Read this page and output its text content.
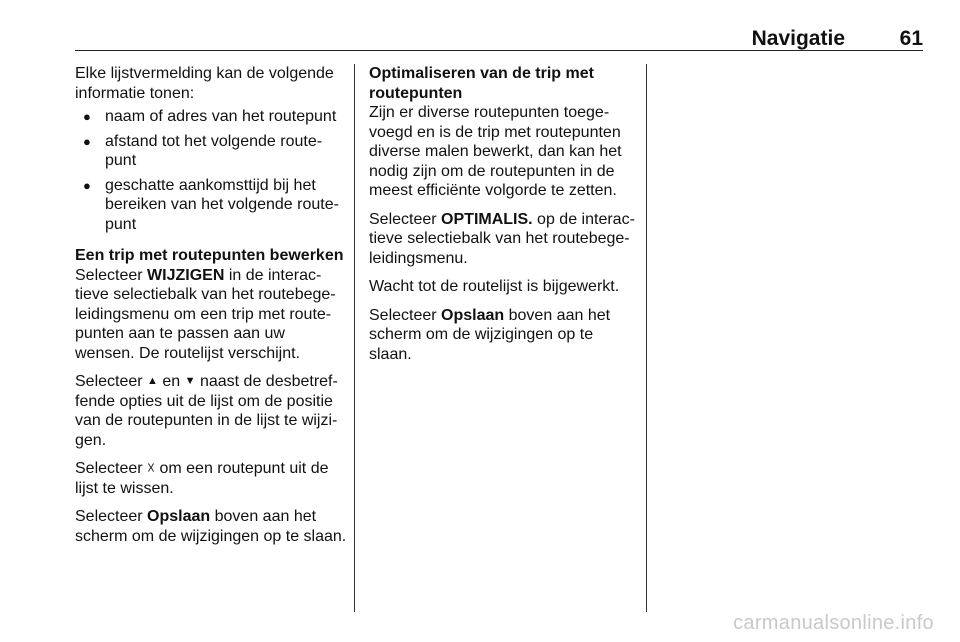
Navigatie	61

Elke lijstvermelding kan de volgende informatie tonen:

● naam of adres van het routepunt
● afstand tot het volgende route-punt
● geschatte aankomsttijd bij het bereiken van het volgende route-punt

Een trip met routepunten bewerken

Selecteer WIJZIGEN in de interac-tieve selectiebalk van het routebege-leidingsmenu om een trip met route-punten aan te passen aan uw wensen. De routelijst verschijnt.

Selecteer ▲ en ▼ naast de desbetref-fende opties uit de lijst om de positie van de routepunten in de lijst te wijzi-gen.

Selecteer ☓ om een routepunt uit de lijst te wissen.

Selecteer Opslaan boven aan het scherm om de wijzigingen op te slaan.

Optimaliseren van de trip met routepunten

Zijn er diverse routepunten toege-voegd en is de trip met routepunten diverse malen bewerkt, dan kan het nodig zijn om de routepunten in de meest efficiënte volgorde te zetten.

Selecteer OPTIMALIS. op de interac-tieve selectiebalk van het routebege-leidingsmenu.

Wacht tot de routelijst is bijgewerkt.

Selecteer Opslaan boven aan het scherm om de wijzigingen op te slaan.

carmanualsonline.info
